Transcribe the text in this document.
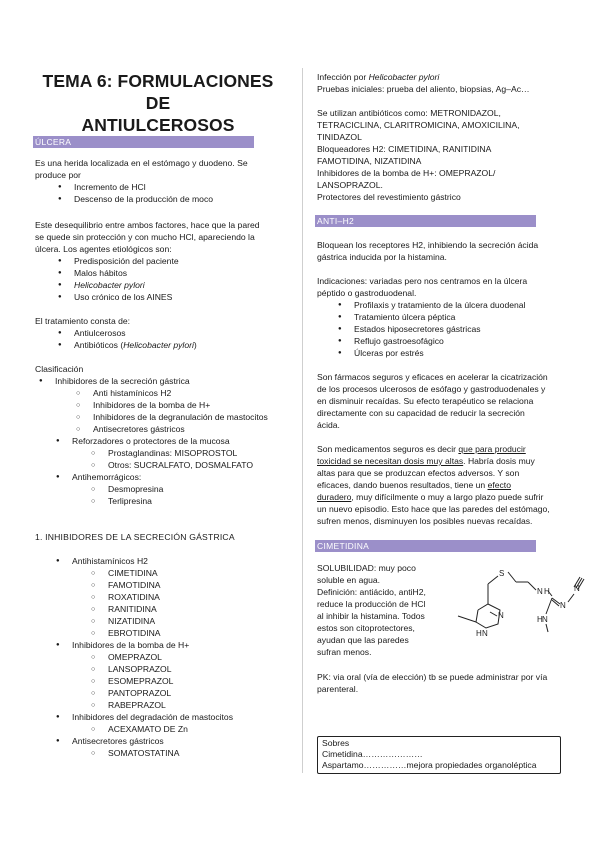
TEMA 6: FORMULACIONES DE
ANTIULCEROSOS
ÚLCERA
Es una herida localizada en el estómago y duodeno. Se
produce por
● Incremento de HCl
● Descenso de la producción de moco
Este desequilibrio entre ambos factores, hace que la pared
se quede sin protección y con mucho HCl, apareciendo la
úlcera. Los agentes etiológicos son:
● Predisposición del paciente
● Malos hábitos
● Helicobacter pylori
● Uso crónico de los AINES
El tratamiento consta de:
● Antiulcerosos
● Antibióticos (Helicobacter pylori)
Clasificación
● Inhibidores de la secreción gástrica
○ Anti histamínicos H2
○ Inhibidores de la bomba de H+
○ Inhibidores de la degranulación de mastocitos
○ Antisecretores gástricos
● Reforzadores o protectores de la mucosa
○ Prostaglandinas: MISOPROSTOL
○ Otros: SUCRALFATO, DOSMALFATO
● Antihemorrágicos:
○ Desmopresina
○ Terlipresina
1. INHIBIDORES DE LA SECRECIÓN GÁSTRICA
● Antihistamínicos H2
○ CIMETIDINA
○ FAMOTIDINA
○ ROXATIDINA
○ RANITIDINA
○ NIZATIDINA
○ EBROTIDINA
● Inhibidores de la bomba de H+
○ OMEPRAZOL
○ LANSOPRAZOL
○ ESOMEPRAZOL
○ PANTOPRAZOL
○ RABEPRAZOL
● Inhibidores del degradación de mastocitos
○ ACEXAMATO DE Zn
● Antisecretores gástricos
○ SOMATOSTATINA
Infección por Helicobacter pylori
Pruebas iniciales: prueba del aliento, biopsias, Ag–Ac…
Se utilizan antibióticos como: METRONIDAZOL,
TETRACICLINA, CLARITROMICINA, AMOXICILINA,
TINIDAZOL
Bloqueadores H2: CIMETIDINA, RANITIDINA
FAMOTIDINA, NIZATIDINA
Inhibidores de la bomba de H+: OMEPRAZOL/
LANSOPRAZOL.
Protectores del revestimiento gástrico
ANTI–H2
Bloquean los receptores H2, inhibiendo la secreción ácida
gástrica inducida por la histamina.
Indicaciones: variadas pero nos centramos en la úlcera
péptido o gastroduodenal.
● Profilaxis y tratamiento de la úlcera duodenal
● Tratamiento úlcera péptica
● Estados hiposecretores gástricas
● Reflujo gastroesofágico
● Úlceras por estrés
Son fármacos seguros y eficaces en acelerar la cicatrización
de los procesos ulcerosos de esófago y gastroduodenales y
en disminuir recaídas. Su efecto terapéutico se relaciona
directamente con su capacidad de reducir la secreción
ácida.
Son medicamentos seguros es decir que para producir
toxicidad se necesitan dosis muy altas. Habría dosis muy
altas para que se produzcan efectos adversos. Y son
eficaces, dando buenos resultados, tiene un efecto
duradero, muy difícilmente o muy a largo plazo puede sufrir
un nuevo episodio. Esto hace que las paredes del estómago,
sufren menos, disminuyen los posibles nuevas recaídas.
CIMETIDINA
SOLUBILIDAD: muy poco
soluble en agua.
Definición: antiácido, antiH2,
reduce la producción de HCl
al inhibir la histamina. Todos
estos son citoprotectores,
ayudan que las paredes
sufran menos.
S
N
H N
N H
N
N
H
N
PK: via oral (vía de elección) tb se puede administrar por vía
parenteral.
Sobres
Cimetidina…………………
Aspartamo……………mejora propiedades organoléptica
